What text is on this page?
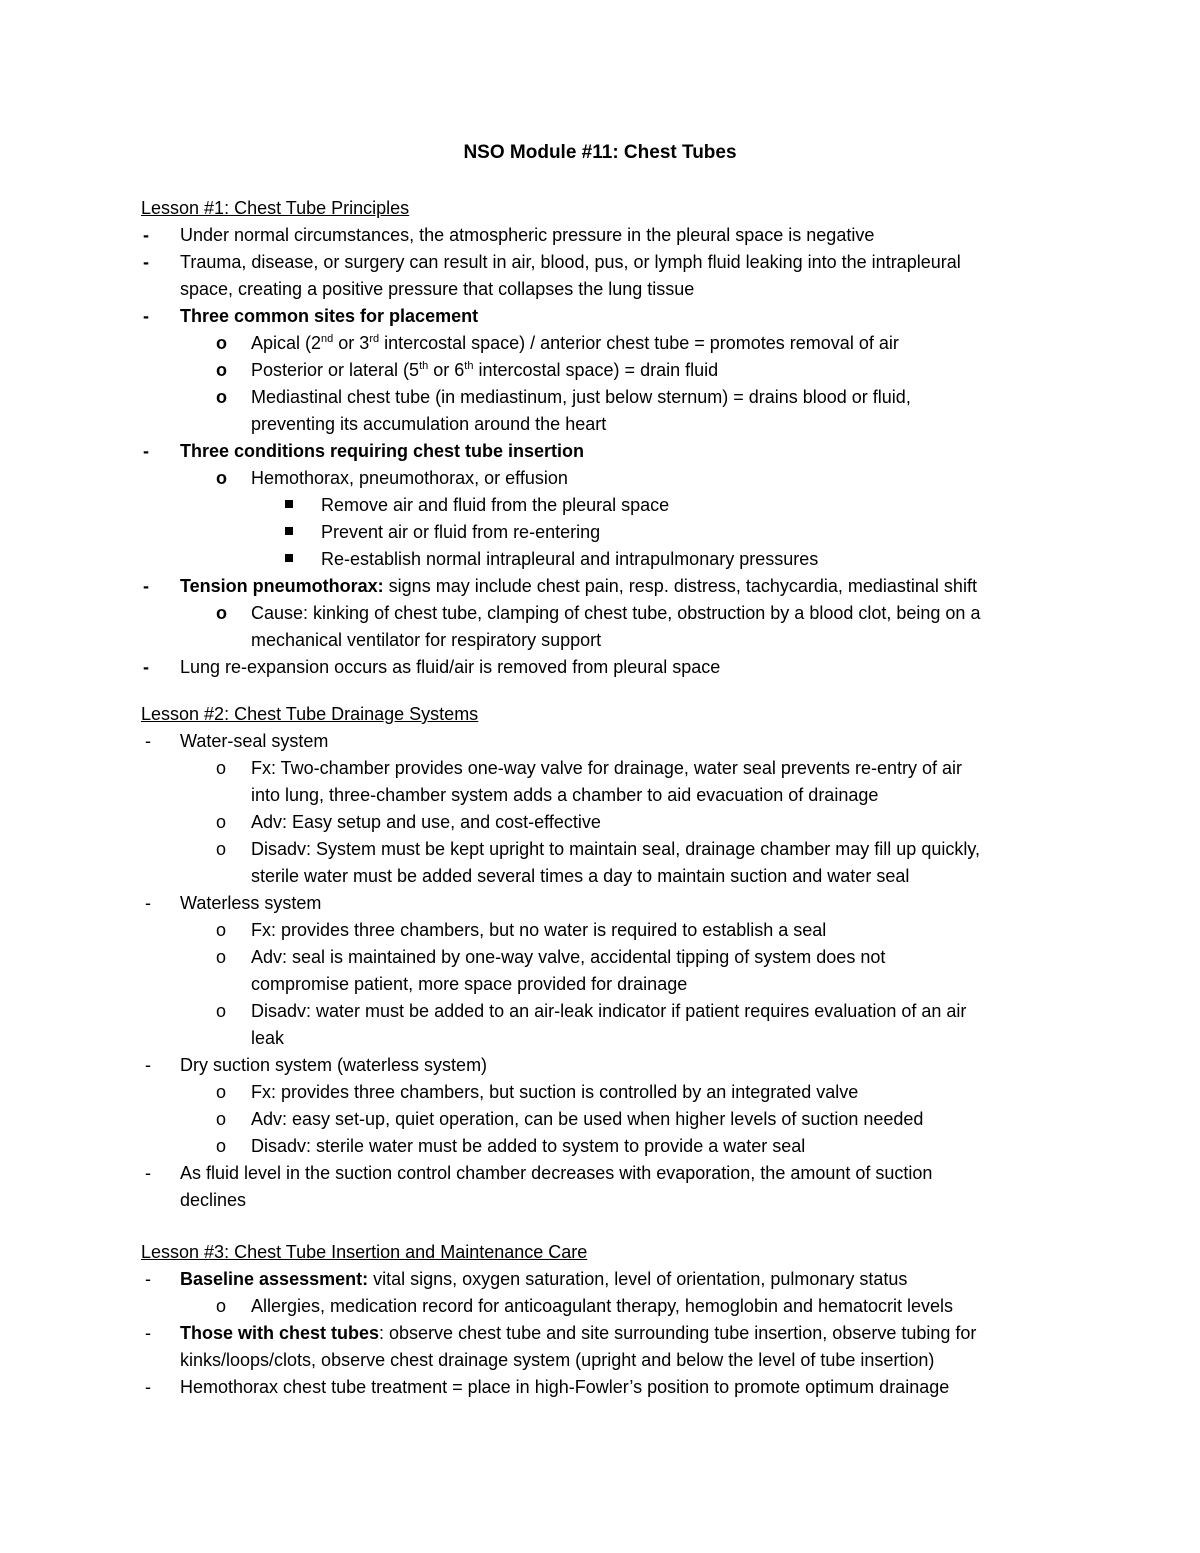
NSO Module #11: Chest Tubes
Lesson #1: Chest Tube Principles
- Under normal circumstances, the atmospheric pressure in the pleural space is negative
- Trauma, disease, or surgery can result in air, blood, pus, or lymph fluid leaking into the intrapleural
space, creating a positive pressure that collapses the lung tissue
- Three common sites for placement
o Apical (2nd or 3rd intercostal space) / anterior chest tube = promotes removal of air
o Posterior or lateral (5th or 6th intercostal space) = drain fluid
o Mediastinal chest tube (in mediastinum, just below sternum) = drains blood or fluid,
preventing its accumulation around the heart
- Three conditions requiring chest tube insertion
o Hemothorax, pneumothorax, or effusion
Remove air and fluid from the pleural space
Prevent air or fluid from re-entering
Re-establish normal intrapleural and intrapulmonary pressures
- Tension pneumothorax: signs may include chest pain, resp. distress, tachycardia, mediastinal shift
o Cause: kinking of chest tube, clamping of chest tube, obstruction by a blood clot, being on a
mechanical ventilator for respiratory support
- Lung re-expansion occurs as fluid/air is removed from pleural space
Lesson #2: Chest Tube Drainage Systems
- Water-seal system
o Fx: Two-chamber provides one-way valve for drainage, water seal prevents re-entry of air
into lung, three-chamber system adds a chamber to aid evacuation of drainage
o Adv: Easy setup and use, and cost-effective
o Disadv: System must be kept upright to maintain seal, drainage chamber may fill up quickly,
sterile water must be added several times a day to maintain suction and water seal
- Waterless system
o Fx: provides three chambers, but no water is required to establish a seal
o Adv: seal is maintained by one-way valve, accidental tipping of system does not
compromise patient, more space provided for drainage
o Disadv: water must be added to an air-leak indicator if patient requires evaluation of an air
leak
- Dry suction system (waterless system)
o Fx: provides three chambers, but suction is controlled by an integrated valve
o Adv: easy set-up, quiet operation, can be used when higher levels of suction needed
o Disadv: sterile water must be added to system to provide a water seal
- As fluid level in the suction control chamber decreases with evaporation, the amount of suction
declines
Lesson #3: Chest Tube Insertion and Maintenance Care
- Baseline assessment: vital signs, oxygen saturation, level of orientation, pulmonary status
o Allergies, medication record for anticoagulant therapy, hemoglobin and hematocrit levels
- Those with chest tubes: observe chest tube and site surrounding tube insertion, observe tubing for
kinks/loops/clots, observe chest drainage system (upright and below the level of tube insertion)
- Hemothorax chest tube treatment = place in high-Fowler’s position to promote optimum drainage
